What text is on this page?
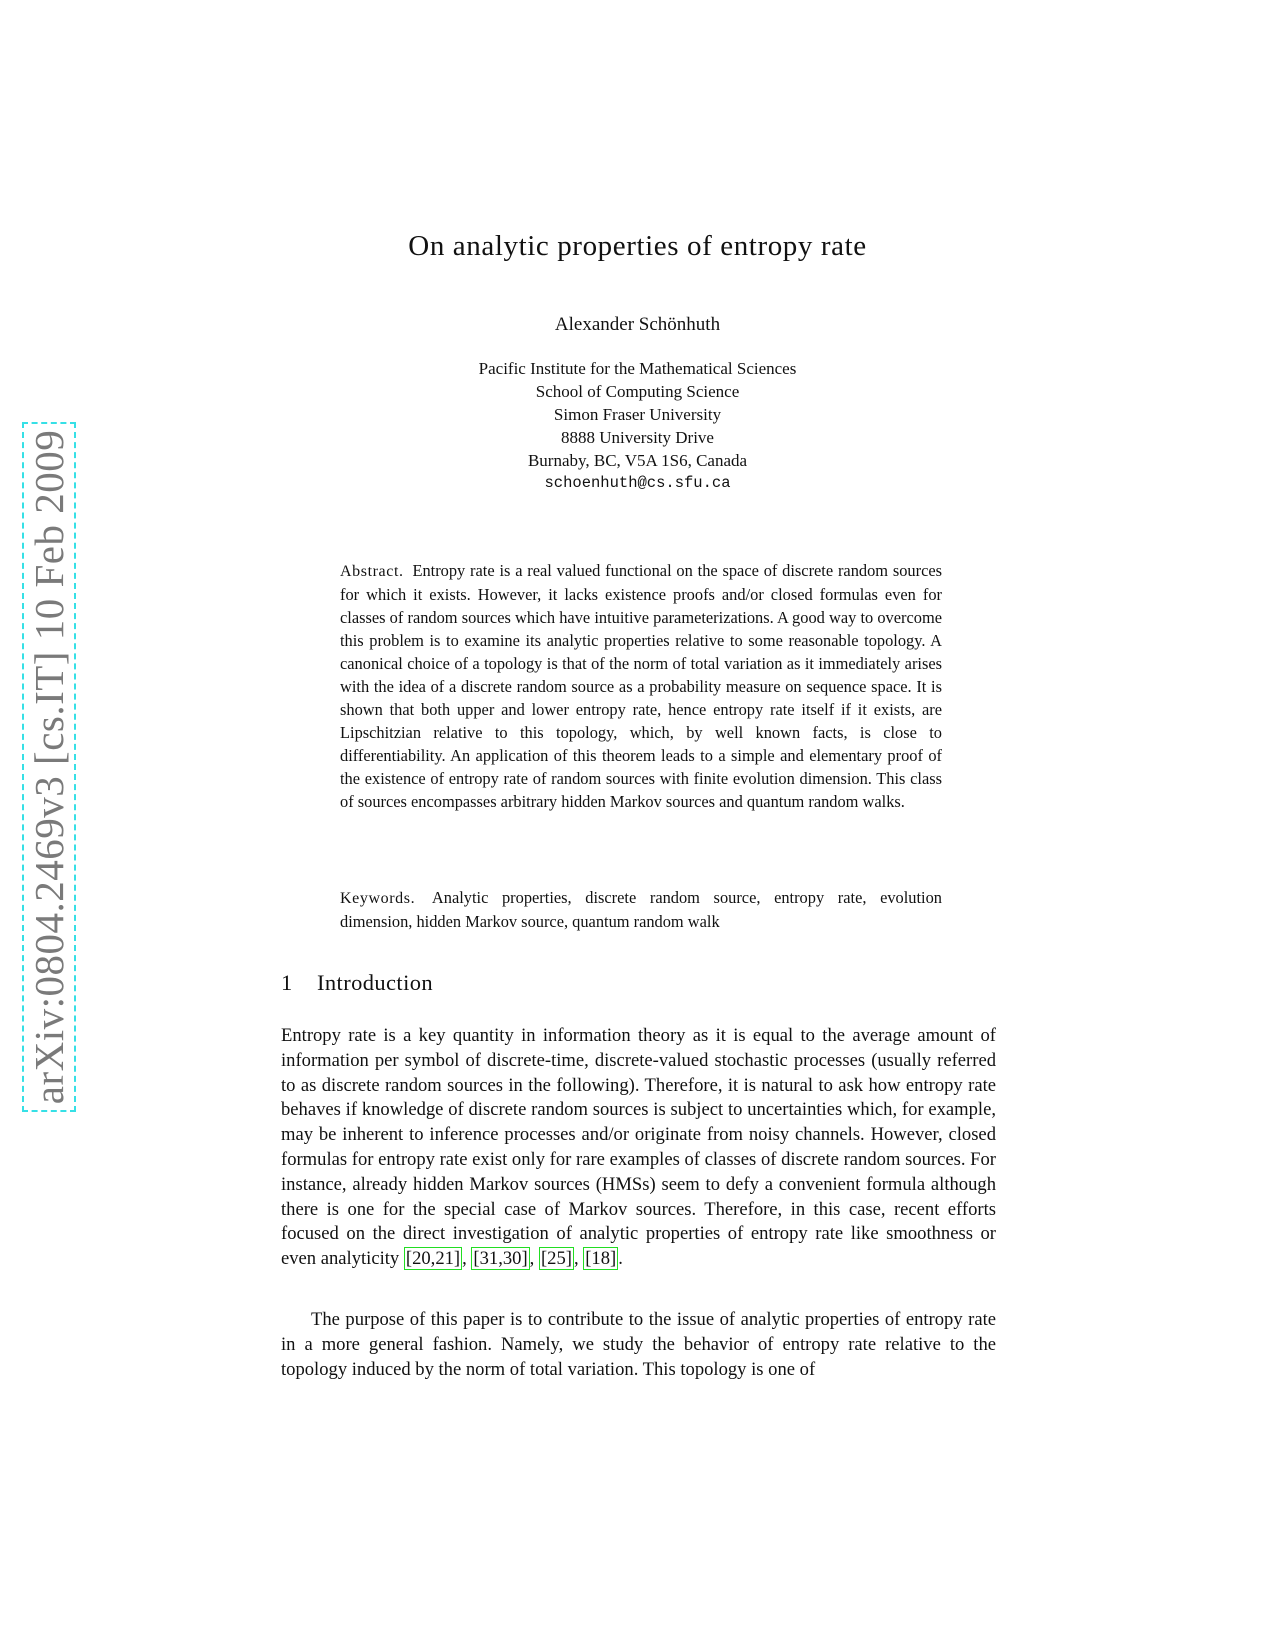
arXiv:0804.2469v3 [cs.IT] 10 Feb 2009
On analytic properties of entropy rate
Alexander Schönhuth
Pacific Institute for the Mathematical Sciences
School of Computing Science
Simon Fraser University
8888 University Drive
Burnaby, BC, V5A 1S6, Canada
schoenhuth@cs.sfu.ca
Abstract. Entropy rate is a real valued functional on the space of discrete random sources for which it exists. However, it lacks existence proofs and/or closed formulas even for classes of random sources which have intuitive parameterizations. A good way to overcome this problem is to examine its analytic properties relative to some reasonable topology. A canonical choice of a topology is that of the norm of total variation as it immediately arises with the idea of a discrete random source as a probability measure on sequence space. It is shown that both upper and lower entropy rate, hence entropy rate itself if it exists, are Lipschitzian relative to this topology, which, by well known facts, is close to differentiability. An application of this theorem leads to a simple and elementary proof of the existence of entropy rate of random sources with finite evolution dimension. This class of sources encompasses arbitrary hidden Markov sources and quantum random walks.
Keywords. Analytic properties, discrete random source, entropy rate, evolution dimension, hidden Markov source, quantum random walk
1 Introduction
Entropy rate is a key quantity in information theory as it is equal to the average amount of information per symbol of discrete-time, discrete-valued stochastic processes (usually referred to as discrete random sources in the following). Therefore, it is natural to ask how entropy rate behaves if knowledge of discrete random sources is subject to uncertainties which, for example, may be inherent to inference processes and/or originate from noisy channels. However, closed formulas for entropy rate exist only for rare examples of classes of discrete random sources. For instance, already hidden Markov sources (HMSs) seem to defy a convenient formula although there is one for the special case of Markov sources. Therefore, in this case, recent efforts focused on the direct investigation of analytic properties of entropy rate like smoothness or even analyticity [20,21] , [31,30] , [25] , [18] .
The purpose of this paper is to contribute to the issue of analytic properties of entropy rate in a more general fashion. Namely, we study the behavior of entropy rate relative to the topology induced by the norm of total variation. This topology is one of
